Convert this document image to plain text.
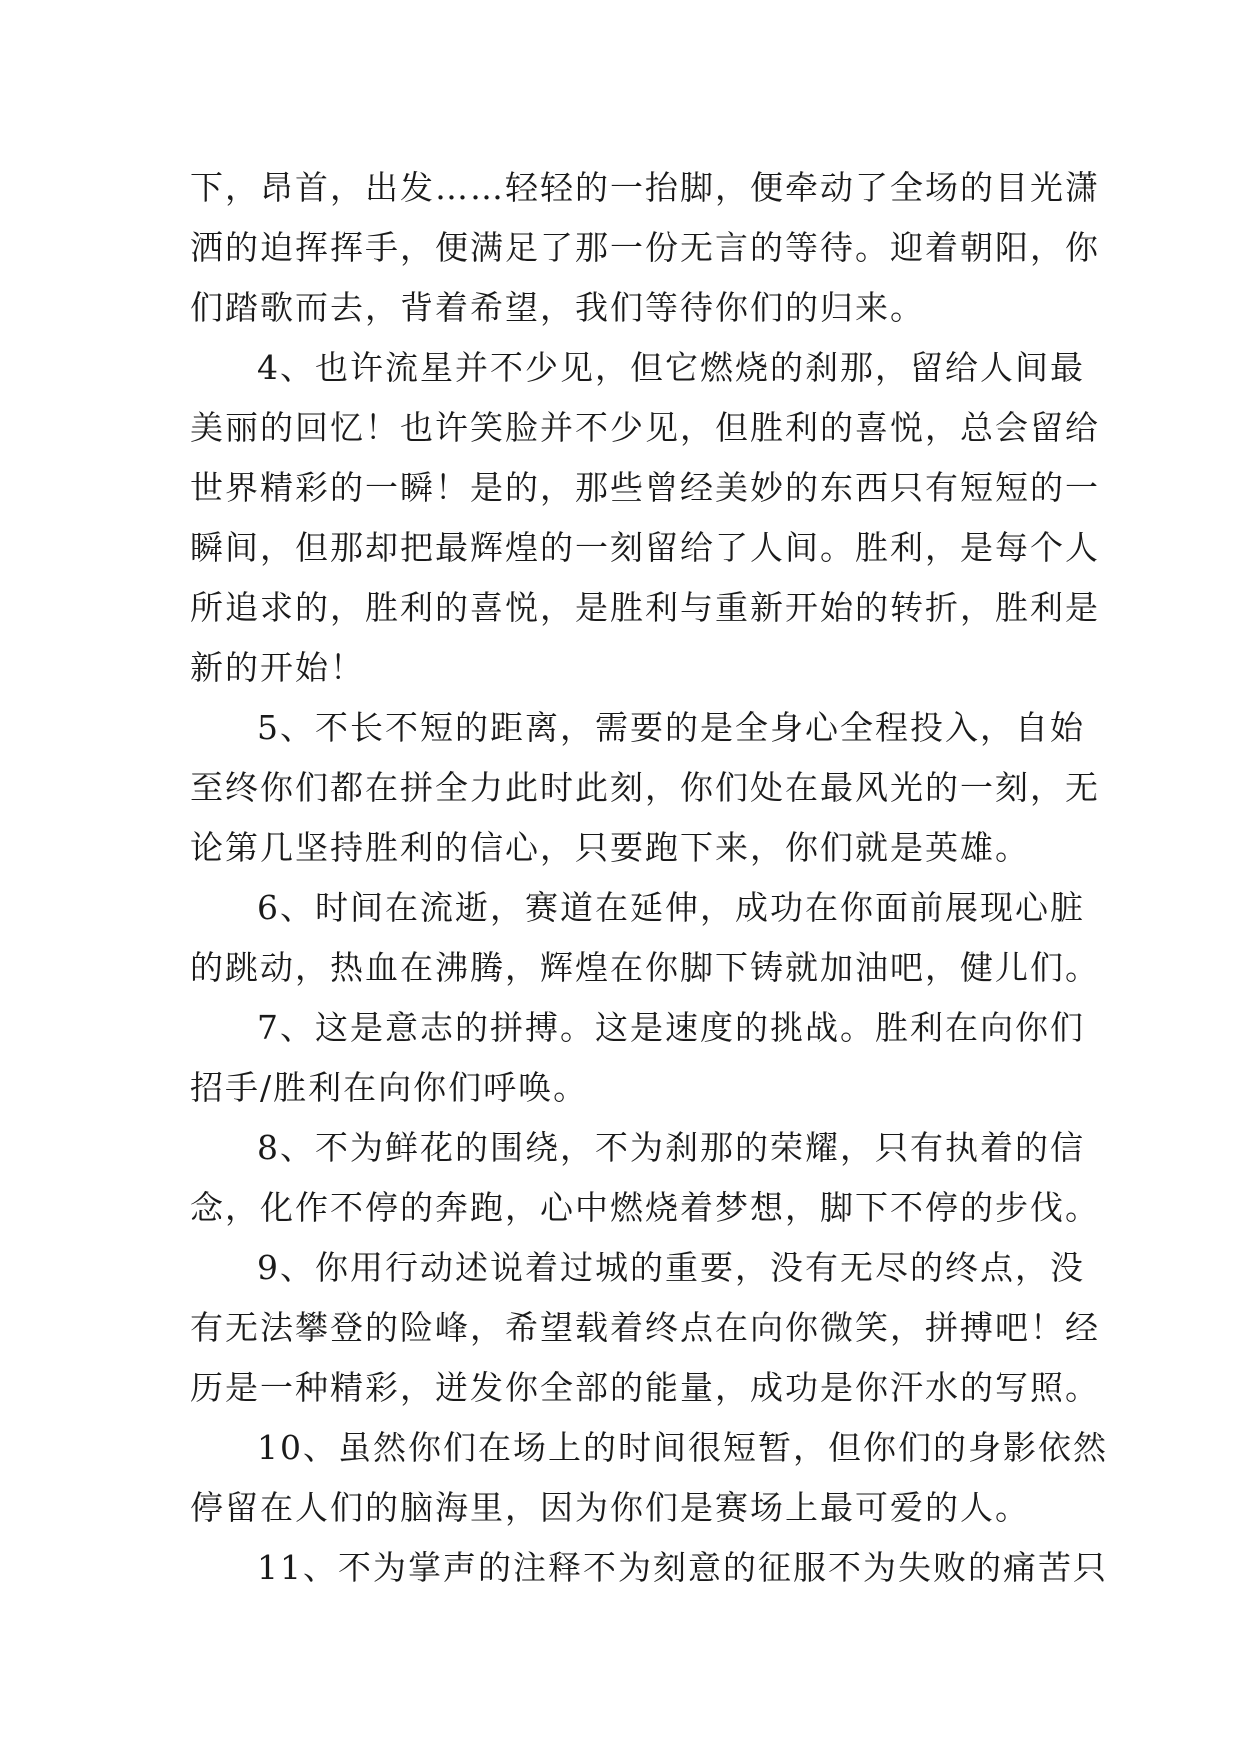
下，昂首，出发……轻轻的一抬脚，便牵动了全场的目光潇
洒的迫挥挥手，便满足了那一份无言的等待。迎着朝阳，你
们踏歌而去，背着希望，我们等待你们的归来。
4、也许流星并不少见，但它燃烧的刹那，留给人间最
美丽的回忆！也许笑脸并不少见，但胜利的喜悦，总会留给
世界精彩的一瞬！是的，那些曾经美妙的东西只有短短的一
瞬间，但那却把最辉煌的一刻留给了人间。胜利，是每个人
所追求的，胜利的喜悦，是胜利与重新开始的转折，胜利是
新的开始！
5、不长不短的距离，需要的是全身心全程投入，自始
至终你们都在拼全力此时此刻，你们处在最风光的一刻，无
论第几坚持胜利的信心，只要跑下来，你们就是英雄。
6、时间在流逝，赛道在延伸，成功在你面前展现心脏
的跳动，热血在沸腾，辉煌在你脚下铸就加油吧，健儿们。
7、这是意志的拼搏。这是速度的挑战。胜利在向你们
招手/胜利在向你们呼唤。
8、不为鲜花的围绕，不为刹那的荣耀，只有执着的信
念，化作不停的奔跑，心中燃烧着梦想，脚下不停的步伐。
9、你用行动述说着过城的重要，没有无尽的终点，没
有无法攀登的险峰，希望载着终点在向你微笑，拼搏吧！经
历是一种精彩，迸发你全部的能量，成功是你汗水的写照。
10、虽然你们在场上的时间很短暂，但你们的身影依然
停留在人们的脑海里，因为你们是赛场上最可爱的人。
11、不为掌声的注释不为刻意的征服不为失败的痛苦只
